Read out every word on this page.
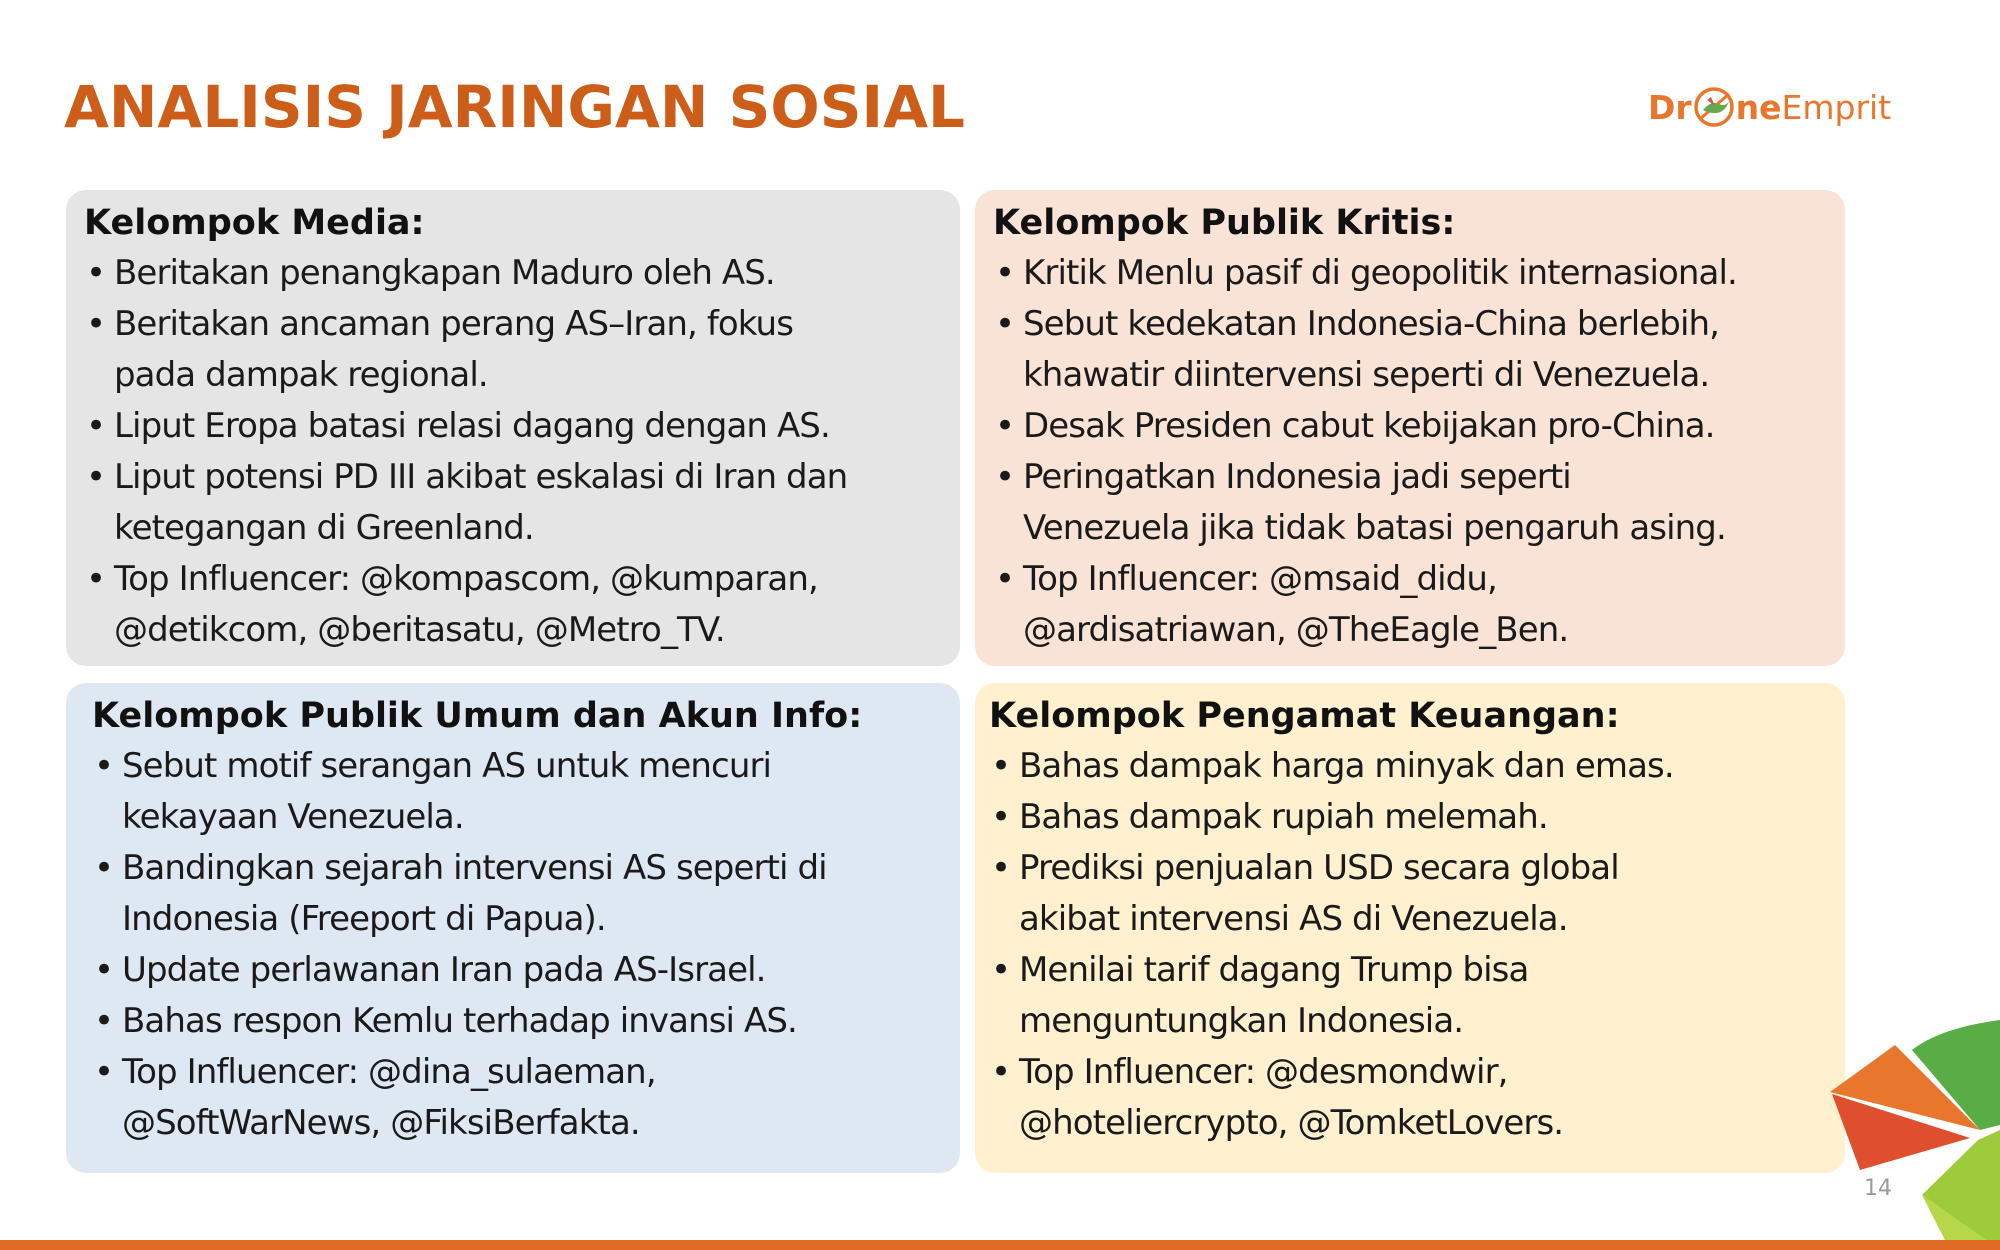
ANALISIS JARINGAN SOSIAL	Dr ne Emprit
Kelompok Media:
• Beritakan penangkapan Maduro oleh AS.
• Beritakan ancaman perang AS–Iran, fokus
pada dampak regional.
• Liput Eropa batasi relasi dagang dengan AS.
• Liput potensi PD III akibat eskalasi di Iran dan
ketegangan di Greenland.
• Top Influencer: @kompascom, @kumparan,
@detikcom, @beritasatu, @Metro_TV.
Kelompok Publik Kritis:
• Kritik Menlu pasif di geopolitik internasional.
• Sebut kedekatan Indonesia-China berlebih,
khawatir diintervensi seperti di Venezuela.
• Desak Presiden cabut kebijakan pro-China.
• Peringatkan Indonesia jadi seperti
Venezuela jika tidak batasi pengaruh asing.
• Top Influencer: @msaid_didu,
@ardisatriawan, @TheEagle_Ben.
Kelompok Publik Umum dan Akun Info:
• Sebut motif serangan AS untuk mencuri
kekayaan Venezuela.
• Bandingkan sejarah intervensi AS seperti di
Indonesia (Freeport di Papua).
• Update perlawanan Iran pada AS-Israel.
• Bahas respon Kemlu terhadap invansi AS.
• Top Influencer: @dina_sulaeman,
@SoftWarNews, @FiksiBerfakta.
Kelompok Pengamat Keuangan:
• Bahas dampak harga minyak dan emas.
• Bahas dampak rupiah melemah.
• Prediksi penjualan USD secara global
akibat intervensi AS di Venezuela.
• Menilai tarif dagang Trump bisa
menguntungkan Indonesia.
• Top Influencer: @desmondwir,
@hoteliercrypto, @TomketLovers.
14
